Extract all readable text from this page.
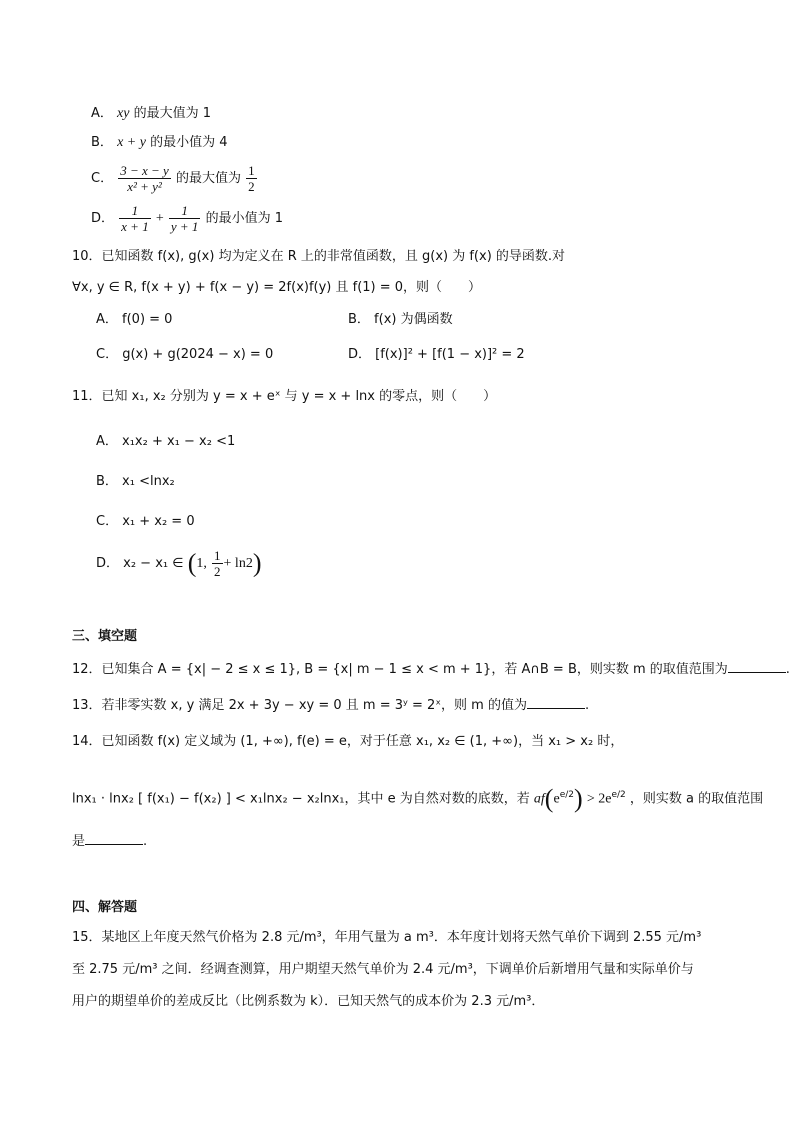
A． xy 的最大值为 1
B． x + y 的最小值为 4
C． $\frac{3 - x - y}{\text{x² + y²}}$ 的最大值为 $\frac{1}{2}$
D． $\frac{1}{x + 1} + \frac{1}{y + 1}$ 的最小值为 1
10．已知函数 f(x), g(x) 均为定义在 R 上的非常值函数，且 g(x) 为 f(x) 的导函数.对
∀x, y ∈ R, f(x + y) + f(x − y) = 2f(x)f(y) 且 f(1) = 0，则（　　）
A． f(0) = 0	B． f(x) 为偶函数
C． g(x) + g(2024 − x) = 0	D． [f(x)]² + [f(1 − x)]² = 2
11．已知 x₁, x₂ 分别为 y = x + eˣ 与 y = x + lnx 的零点，则（　　）
A． x₁x₂ + x₁ − x₂ <1
B． x₁ <lnx₂
C． x₁ + x₂ = 0
D． x₂ − x₁ ∈ (1, $\frac{1}{2} + \ln 2$)
三、填空题
12．已知集合 A = {x| − 2 ≤ x ≤ 1}, B = {x| m − 1 ≤ x < m + 1}，若 A∩B = B，则实数 m 的取值范围为	.
13．若非零实数 x, y 满足 2x + 3y − xy = 0 且 m = 3ʸ = 2ˣ，则 m 的值为	.
14．已知函数 f(x) 定义域为 (1, +∞), f(e) = e，对于任意 x₁, x₂ ∈ (1, +∞)，当 x₁ > x₂ 时，
lnx₁ · lnx₂ [ f(x₁) − f(x₂) ] < x₁lnx₂ − x₂lnx₁，其中 e 为自然对数的底数，若 $af(e^{e/2}) > 2e^{e/2}$ ，则实数 a 的取值范围
是	.
四、解答题
15．某地区上年度天然气价格为 2.8 元/m³，年用气量为 a m³．本年度计划将天然气单价下调到 2.55 元/m³
至 2.75 元/m³ 之间．经调查测算，用户期望天然气单价为 2.4 元/m³，下调单价后新增用气量和实际单价与
用户的期望单价的差成反比（比例系数为 k）．已知天然气的成本价为 2.3 元/m³．
